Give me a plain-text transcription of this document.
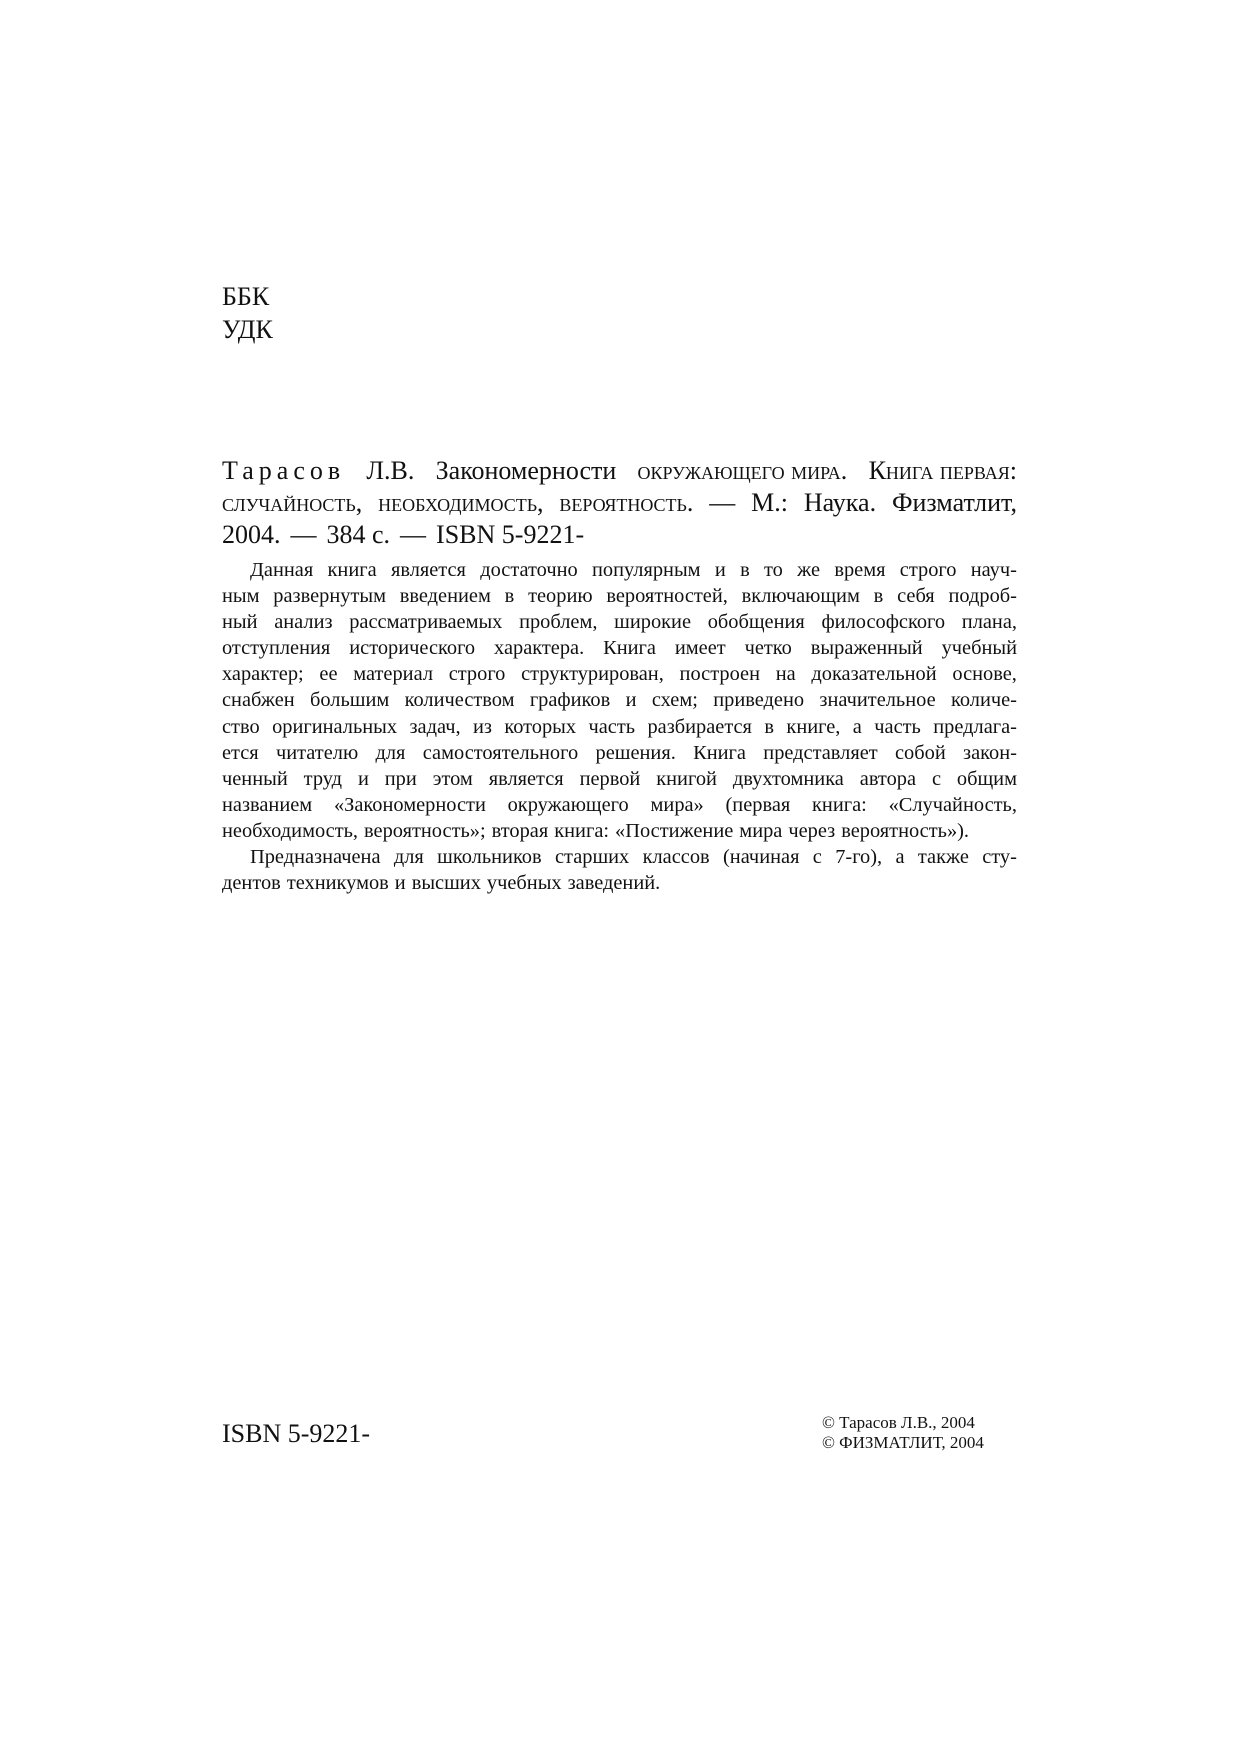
ББК
УДК
Тарасов Л.В. Закономерности окружающего мира. Книга первая:
случайность, необходимость, вероятность. — М.: Наука. Физматлит,
2004. — 384 с. — ISBN 5-9221-
Данная книга является достаточно популярным и в то же время строго науч-
ным развернутым введением в теорию вероятностей, включающим в себя подроб-
ный анализ рассматриваемых проблем, широкие обобщения философского плана,
отступления исторического характера. Книга имеет четко выраженный учебный
характер; ее материал строго структурирован, построен на доказательной основе,
снабжен большим количеством графиков и схем; приведено значительное количе-
ство оригинальных задач, из которых часть разбирается в книге, а часть предлага-
ется читателю для самостоятельного решения. Книга представляет собой закон-
ченный труд и при этом является первой книгой двухтомника автора с общим
названием «Закономерности окружающего мира» (первая книга: «Случайность,
необходимость, вероятность»; вторая книга: «Постижение мира через вероятность»).
Предназначена для школьников старших классов (начиная с 7-го), а также сту-
дентов техникумов и высших учебных заведений.
ISBN 5-9221-	© Тарасов Л.В., 2004
© ФИЗМАТЛИТ, 2004
